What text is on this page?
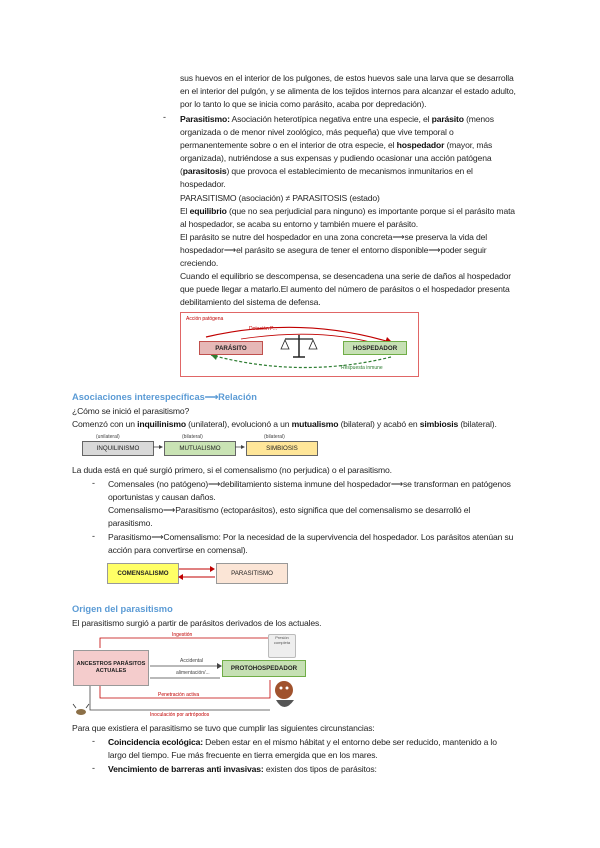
sus huevos en el interior de los pulgones, de estos huevos sale una larva que se desarrolla

en el interior del pulgón, y se alimenta de los tejidos internos para alcanzar el estado adulto,

por lo tanto lo que se inicia como parásito, acaba por depredación).

- Parasitismo: Asociación heterotípica negativa entre una especie, el parásito (menos

organizada o de menor nivel zoológico, más pequeña) que vive temporal o

permanentemente sobre o en el interior de otra especie, el hospedador (mayor, más

organizada), nutriéndose a sus expensas y pudiendo ocasionar una acción patógena

(parasitosis) que provoca el establecimiento de mecanismos inmunitarios en el

hospedador.

PARASITISMO (asociación) ≠ PARASITOSIS (estado)

El equilibrio (que no sea perjudicial para ninguno) es importante porque si el parásito mata

al hospedador, se acaba su entorno y también muere el parásito.

El parásito se nutre del hospedador en una zona concreta⟶se preserva la vida del

hospedador⟶el parásito se asegura de tener el entorno disponible⟶poder seguir

creciendo.

Cuando el equilibrio se descompensa, se desencadena una serie de daños al hospedador

que puede llegar a matarlo.El aumento del número de parásitos o el hospedador presenta

debilitamiento del sistema de defensa.

Acción patógena
Dotación P...
PARÁSITO	HOSPEDADOR
Respuesta inmune
Asociaciones interespecíficas⟶Relación

¿Cómo se inició el parasitismo?

Comenzó con un inquilinismo (unilateral), evolucionó a un mutualismo (bilateral) y acabó en simbiosis (bilateral).

(unilateral)	(bilateral)	(bilateral)
INQUILINISMO	MUTUALISMO	SIMBIOSIS
La duda está en qué surgió primero, si el comensalismo (no perjudica) o el parasitismo.
- Comensales (no patógeno)⟶debilitamiento sistema inmune del hospedador⟶se transforman en patógenos

oportunistas y causan daños.

Comensalismo⟶Parasitismo (ectoparásitos), esto significa que del comensalismo se desarrolló el

parasitismo.

- Parasitismo⟶Comensalismo: Por la necesidad de la supervivencia del hospedador. Los parásitos atenúan su

acción para convertirse en comensal).

COMENSALISMO	PARASITISMO
Origen del parasitismo
El parasitismo surgió a partir de parásitos derivados de los actuales.
Ingestión
ANCESTROS PARÁSITOS ACTUALES
Accidental
alimentación/...
PROTOHOSPEDADOR
Penetración activa
Inoculación por artrópodos
Presión completa
Para que existiera el parasitismo se tuvo que cumplir las siguientes circunstancias:
- Coincidencia ecológica: Deben estar en el mismo hábitat y el entorno debe ser reducido, mantenido a lo

largo del tiempo. Fue más frecuente en tierra emergida que en los mares.

- Vencimiento de barreras anti invasivas: existen dos tipos de parásitos:
